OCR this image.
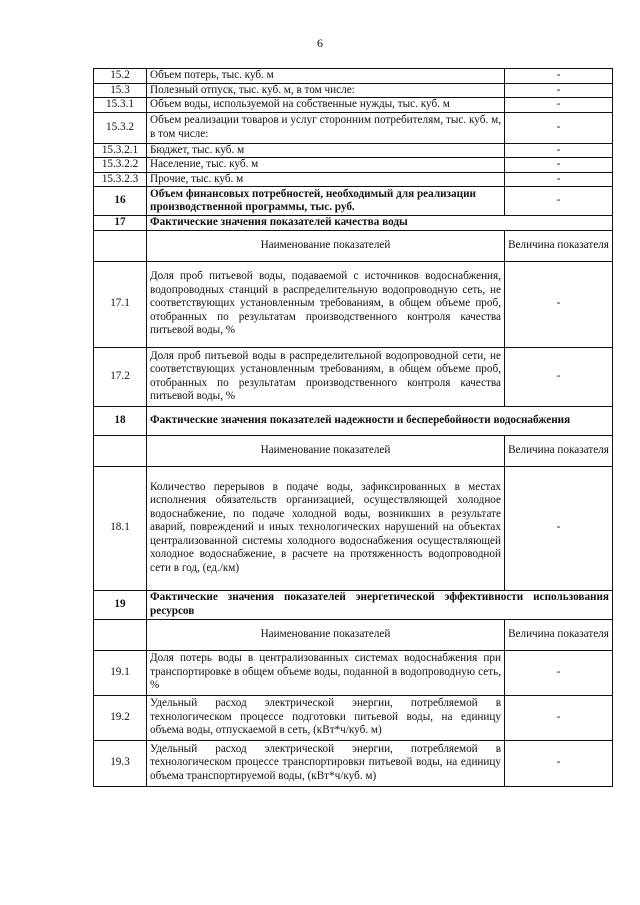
6
15.2	Объем потерь, тыс. куб. м	-
15.3	Полезный отпуск, тыс. куб. м, в том числе:	-
15.3.1	Объем воды, используемой на собственные нужды, тыс. куб. м	-
15.3.2	Объем реализации товаров и услуг сторонним потребителям, тыс. куб. м, в том числе:	-
15.3.2.1	Бюджет, тыс. куб. м	-
15.3.2.2	Население, тыс. куб. м	-
15.3.2.3	Прочие, тыс. куб. м	-
16	Объем финансовых потребностей, необходимый для реализации производственной программы, тыс. руб.	-
17	Фактические значения показателей качества воды	
	Наименование показателей	Величина показателя
17.1	Доля проб питьевой воды, подаваемой с источников водоснабжения, водопроводных станций в распределительную водопроводную сеть, не соответствующих установленным требованиям, в общем объеме проб, отобранных по результатам производственного контроля качества питьевой воды, %	-
17.2	Доля проб питьевой воды в распределительной водопроводной сети, не соответствующих установленным требованиям, в общем объеме проб, отобранных по результатам производственного контроля качества питьевой воды, %	-
18	Фактические значения показателей надежности и бесперебойности водоснабжения	
	Наименование показателей	Величина показателя
18.1	Количество перерывов в подаче воды, зафиксированных в местах исполнения обязательств организацией, осуществляющей холодное водоснабжение, по подаче холодной воды, возникших в результате аварий, повреждений и иных технологических нарушений на объектах централизованной системы холодного водоснабжения осуществляющей холодное водоснабжение, в расчете на протяженность водопроводной сети в год, (ед./км)	-
19	Фактические значения показателей энергетической эффективности использования ресурсов	
	Наименование показателей	Величина показателя
19.1	Доля потерь воды в централизованных системах водоснабжения при транспортировке в общем объеме воды, поданной в водопроводную сеть, %	-
19.2	Удельный расход электрической энергии, потребляемой в технологическом процессе подготовки питьевой воды, на единицу объема воды, отпускаемой в сеть, (кВт*ч/куб. м)	-
19.3	Удельный расход электрической энергии, потребляемой в технологическом процессе транспортировки питьевой воды, на единицу объема транспортируемой воды, (кВт*ч/куб. м)	-
